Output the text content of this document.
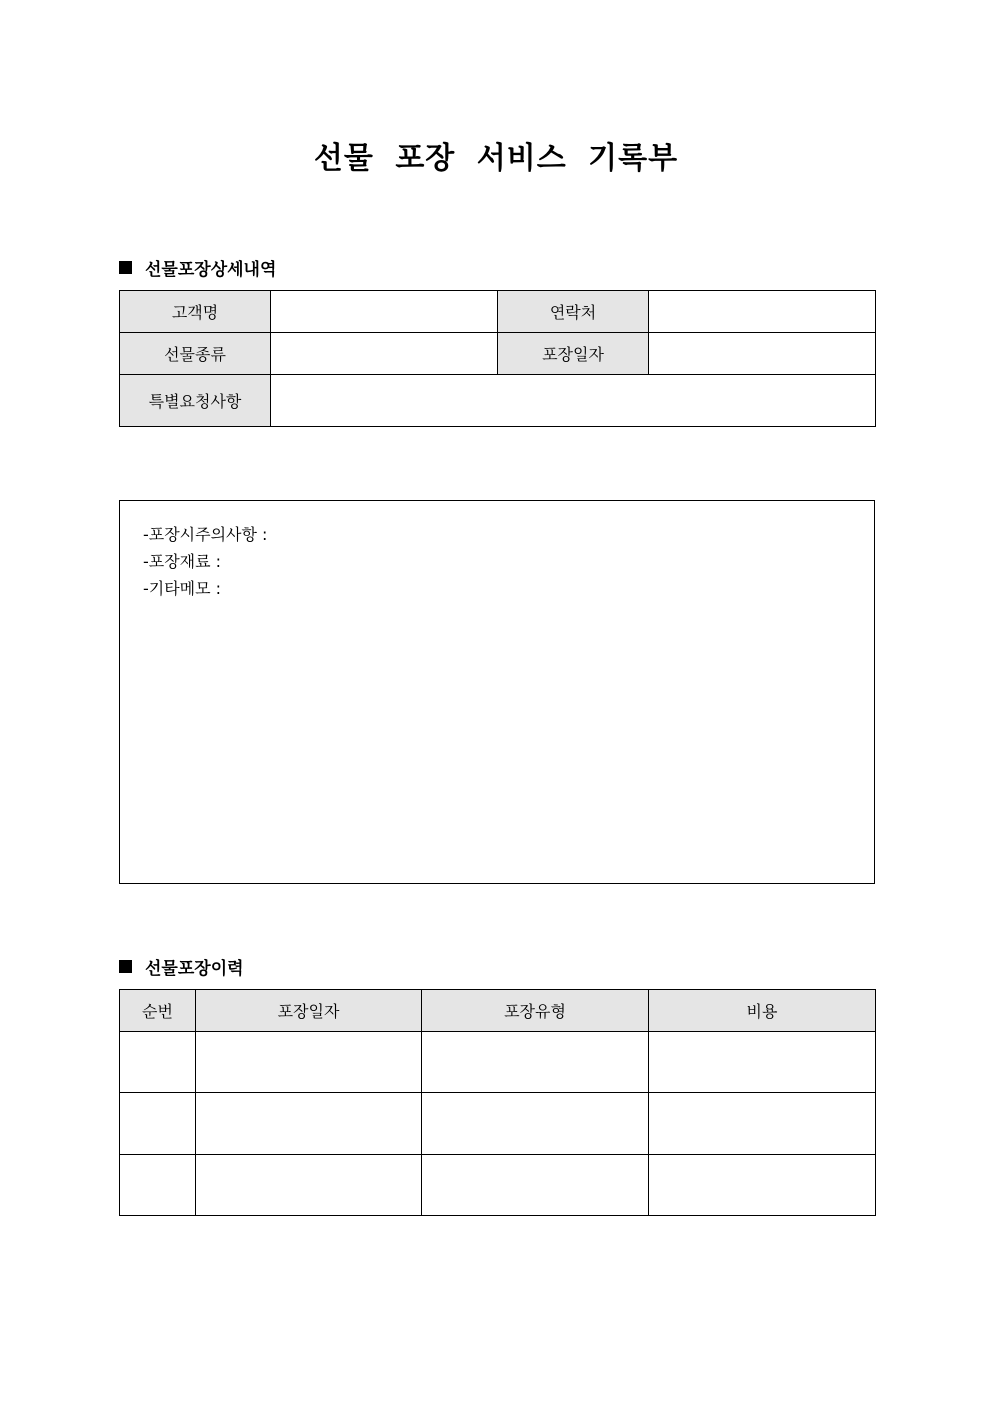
선물 포장 서비스 기록부
선물포장상세내역
고객명		연락처	
선물종류		포장일자	
특별요청사항			
-포장시주의사항 :
-포장재료 :
-기타메모 :
선물포장이력
순번	포장일자	포장유형	비용
